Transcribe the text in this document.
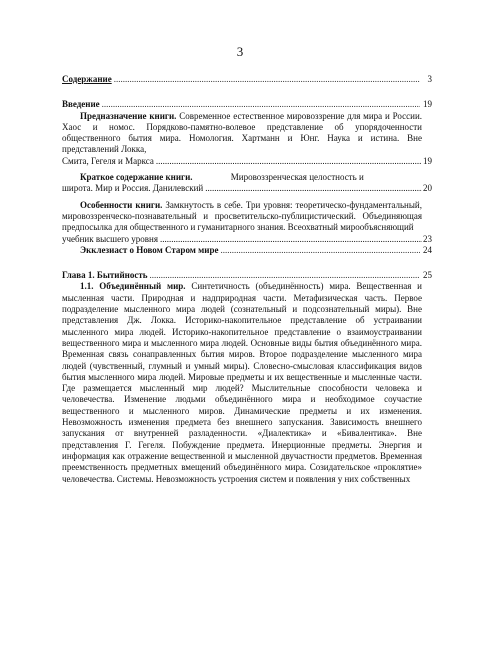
3
Содержание .....	3
Введение .....	19
Предназначение книги. Современное естественное мировоззрение для мира и России. Хаос и номос. Порядково-памятно-волевое представление об упорядоченности общественного бытия мира. Номология. Хартманн и Юнг. Наука и истина. Вне представлений Локка,
Смита, Гегеля и Маркса .....	19
Краткое содержание книги.
	Мировоззренческая целостность и
широта. Мир и Россия. Данилевский .....	20
Особенности книги. Замкнутость в себе. Три уровня: теоретическо-фундаментальный, мировоззренческо-познавательный и просветительско-публицистический. Объединяющая предпосылка для общественного и гуманитарного знания. Всеохватный мирообъясняющий
учебник высшего уровня .....	23
Экклезиаст о Новом Старом мире .....	24
Глава 1. Бытийность .....	25
1.1. Объединённый мир. Синтетичность (объединённость) мира. Вещественная и мысленная части. Природная и надприродная части. Метафизическая часть. Первое подразделение мысленного мира людей (сознательный и подсознательный миры). Вне представления Дж. Локка. Историко-накопительное представление об устраивании мысленного мира людей. Историко-накопительное представление о взаимоустраивании вещественного мира и мысленного мира людей. Основные виды бытия объединённого мира. Временная связь сонаправленных бытия миров. Второе подразделение мысленного мира людей (чувственный, глумный и умный миры). Словесно-смысловая классификация видов бытия мысленного мира людей. Мировые предметы и их вещественные и мысленные части. Где размещается мысленный мир людей? Мыслительные способности человека и человечества. Изменение людьми объединённого мира и необходимое соучастие вещественного и мысленного миров. Динамические предметы и их изменения. Невозможность изменения предмета без внешнего запускания. Зависимость внешнего запускания от внутренней разладенности. «Диалектика» и «Бивалентика». Вне представления Г. Гегеля. Побуждение предмета. Инерционные предметы. Энергия и информация как отражение вещественной и мысленной двучастности предметов. Временная преемственность предметных вмещений объединённого мира. Созидательское «проклятие» человечества. Системы. Невозможность устроения систем и появления у них собственных
